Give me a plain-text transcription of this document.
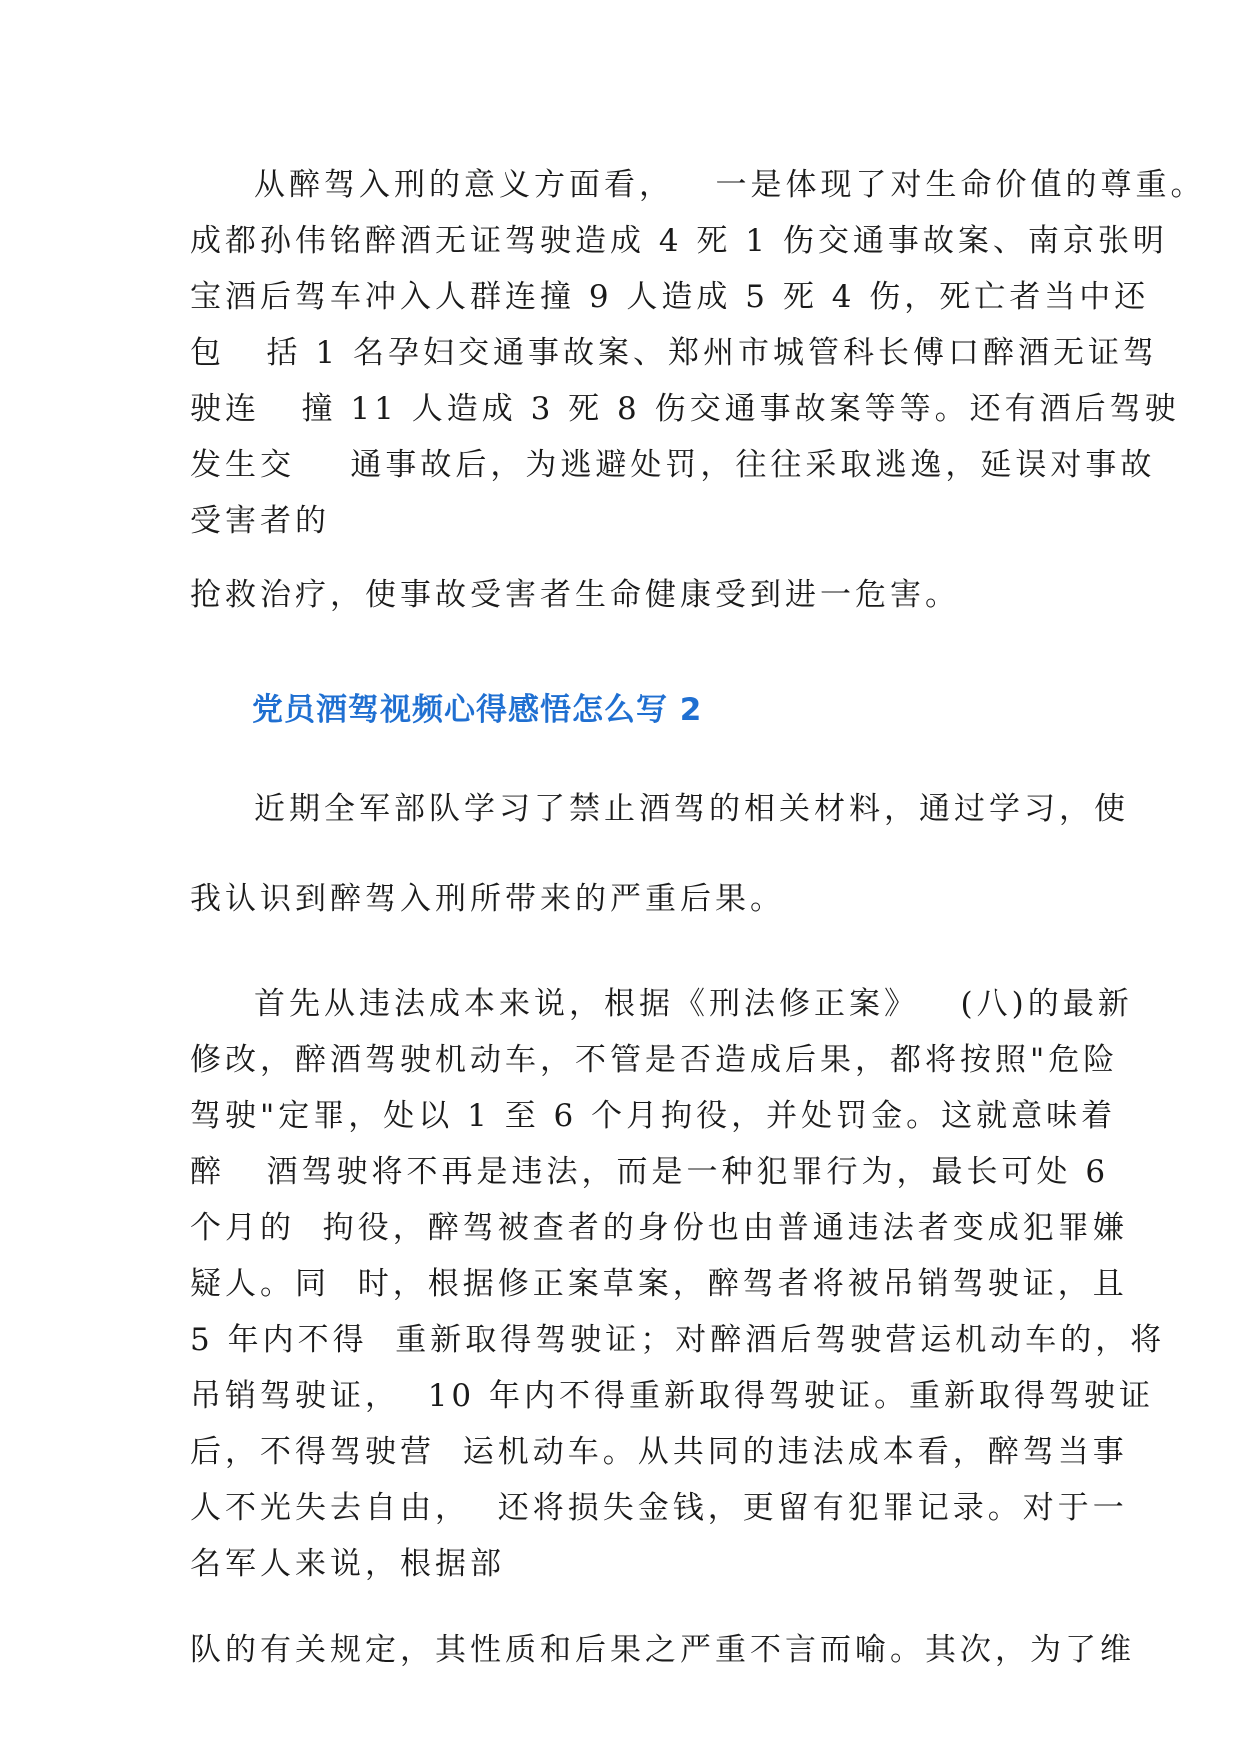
从醉驾入刑的意义方面看，   一是体现了对生命价值的尊重。
成都孙伟铭醉酒无证驾驶造成 4 死 1 伤交通事故案、南京张明
宝酒后驾车冲入人群连撞 9 人造成 5 死 4 伤，死亡者当中还
包   括 1 名孕妇交通事故案、郑州市城管科长傅口醉酒无证驾
驶连   撞 11 人造成 3 死 8 伤交通事故案等等。还有酒后驾驶
发生交    通事故后，为逃避处罚，往往采取逃逸，延误对事故
受害者的
抢救治疗，使事故受害者生命健康受到进一危害。
党员酒驾视频心得感悟怎么写 2
近期全军部队学习了禁止酒驾的相关材料，通过学习，使
我认识到醉驾入刑所带来的严重后果。
首先从违法成本来说，根据《刑法修正案》   (八)的最新
修改，醉酒驾驶机动车，不管是否造成后果，都将按照"危险
驾驶"定罪，处以 1 至 6 个月拘役，并处罚金。这就意味着
醉   酒驾驶将不再是违法，而是一种犯罪行为，最长可处 6
个月的  拘役，醉驾被查者的身份也由普通违法者变成犯罪嫌
疑人。同  时，根据修正案草案，醉驾者将被吊销驾驶证，且
5 年内不得  重新取得驾驶证；对醉酒后驾驶营运机动车的，将
吊销驾驶证，  10 年内不得重新取得驾驶证。重新取得驾驶证
后，不得驾驶营  运机动车。从共同的违法成本看，醉驾当事
人不光失去自由，  还将损失金钱，更留有犯罪记录。对于一
名军人来说，根据部
队的有关规定，其性质和后果之严重不言而喻。其次，为了维
